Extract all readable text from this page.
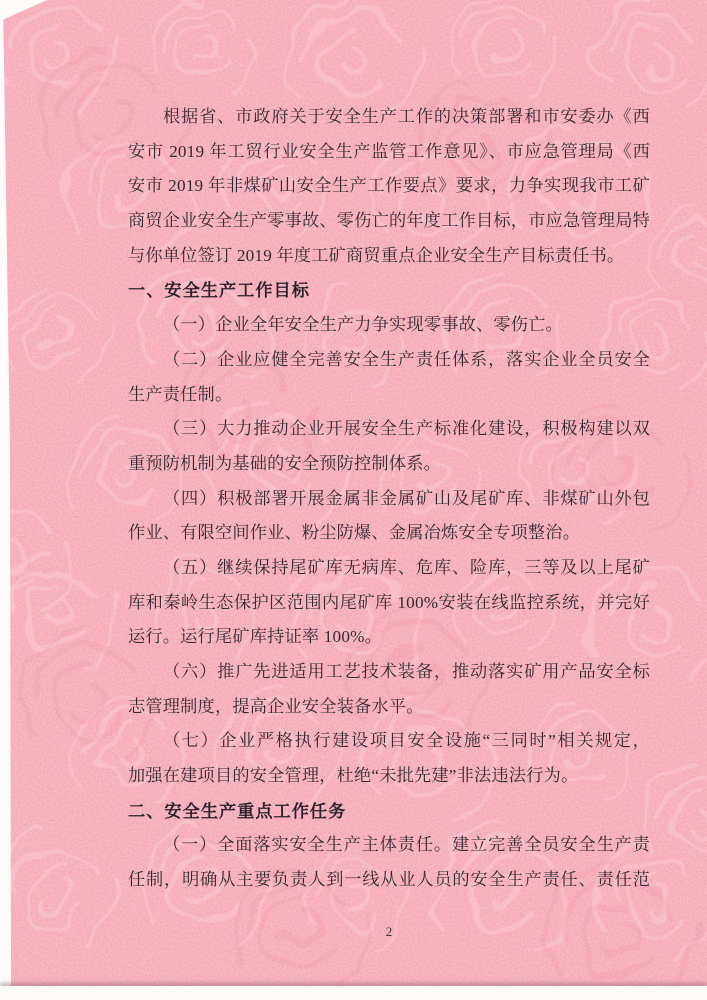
根据省、市政府关于安全生产工作的决策部署和市安委办《西
安市 2019 年工贸行业安全生产监管工作意见》、市应急管理局《西
安市 2019 年非煤矿山安全生产工作要点》要求，力争实现我市工矿
商贸企业安全生产零事故、零伤亡的年度工作目标，市应急管理局特
与你单位签订 2019 年度工矿商贸重点企业安全生产目标责任书。
一、安全生产工作目标
（一）企业全年安全生产力争实现零事故、零伤亡。
（二）企业应健全完善安全生产责任体系，落实企业全员安全
生产责任制。
（三）大力推动企业开展安全生产标准化建设，积极构建以双
重预防机制为基础的安全预防控制体系。
（四）积极部署开展金属非金属矿山及尾矿库、非煤矿山外包
作业、有限空间作业、粉尘防爆、金属冶炼安全专项整治。
（五）继续保持尾矿库无病库、危库、险库，三等及以上尾矿
库和秦岭生态保护区范围内尾矿库 100%安装在线监控系统，并完好
运行。运行尾矿库持证率 100%。
（六）推广先进适用工艺技术装备，推动落实矿用产品安全标
志管理制度，提高企业安全装备水平。
（七）企业严格执行建设项目安全设施“三同时”相关规定，
加强在建项目的安全管理，杜绝“未批先建”非法违法行为。
二、安全生产重点工作任务
（一）全面落实安全生产主体责任。建立完善全员安全生产责
任制，明确从主要负责人到一线从业人员的安全生产责任、责任范
2
